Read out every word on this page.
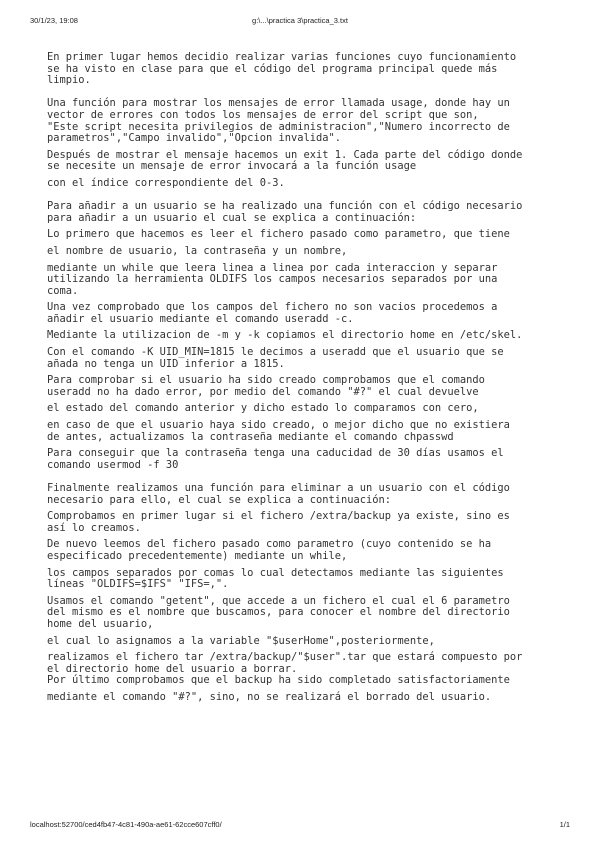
30/1/23, 19:08	g:\...\practica 3\practica_3.txt
En primer lugar hemos decidio realizar varias funciones cuyo funcionamiento
se ha visto en clase para que el código del programa principal quede más
limpio.
Una función para mostrar los mensajes de error llamada usage, donde hay un
vector de errores con todos los mensajes de error del script que son,
"Este script necesita privilegios de administracion","Numero incorrecto de
parametros","Campo invalido","Opcion invalida".
Después de mostrar el mensaje hacemos un exit 1. Cada parte del código donde
se necesite un mensaje de error invocará a la función usage
con el índice correspondiente del 0-3.
Para añadir a un usuario se ha realizado una función con el código necesario
para añadir a un usuario el cual se explica a continuación:
Lo primero que hacemos es leer el fichero pasado como parametro, que tiene
el nombre de usuario, la contraseña y un nombre,
mediante un while que leera linea a linea por cada interaccion y separar
utilizando la herramienta OLDIFS los campos necesarios separados por una
coma.
Una vez comprobado que los campos del fichero no son vacios procedemos a
añadir el usuario mediante el comando useradd -c.
Mediante la utilizacion de -m y -k copiamos el directorio home en /etc/skel.
Con el comando -K UID_MIN=1815 le decimos a useradd que el usuario que se
añada no tenga un UID inferior a 1815.
Para comprobar si el usuario ha sido creado comprobamos que el comando
useradd no ha dado error, por medio del comando "#?" el cual devuelve
el estado del comando anterior y dicho estado lo comparamos con cero,
en caso de que el usuario haya sido creado, o mejor dicho que no existiera
de antes, actualizamos la contraseña mediante el comando chpasswd
Para conseguir que la contraseña tenga una caducidad de 30 días usamos el
comando usermod -f 30
Finalmente realizamos una función para eliminar a un usuario con el código
necesario para ello, el cual se explica a continuación:
Comprobamos en primer lugar si el fichero /extra/backup ya existe, sino es
así lo creamos.
De nuevo leemos del fichero pasado como parametro (cuyo contenido se ha
especificado precedentemente) mediante un while,
los campos separados por comas lo cual detectamos mediante las siguientes
líneas "OLDIFS=$IFS" "IFS=,".
Usamos el comando "getent", que accede a un fichero el cual el 6 parametro
del mismo es el nombre que buscamos, para conocer el nombre del directorio
home del usuario,
el cual lo asignamos a la variable "$userHome",posteriormente,
realizamos el fichero tar /extra/backup/"$user".tar que estará compuesto por
el directorio home del usuario a borrar.
Por último comprobamos que el backup ha sido completado satisfactoriamente
mediante el comando "#?", sino, no se realizará el borrado del usuario.
localhost:52700/ced4fb47-4c81-490a-ae61-62cce607cff0/	1/1
